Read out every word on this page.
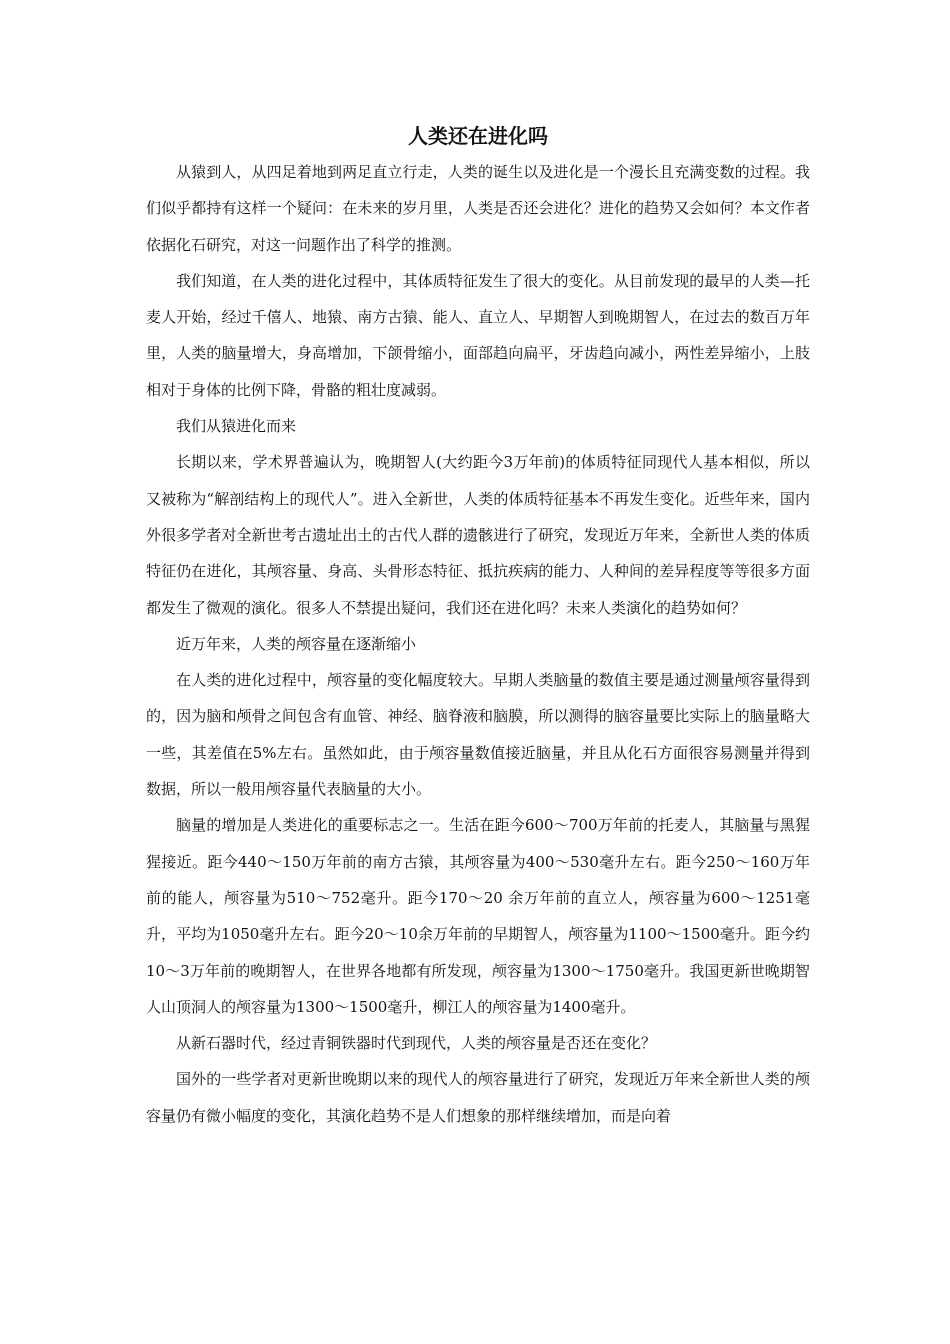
人类还在进化吗

从猿到人，从四足着地到两足直立行走，人类的诞生以及进化是一个漫长且充满变数的过程。我们似乎都持有这样一个疑问：在未来的岁月里，人类是否还会进化？进化的趋势又会如何？本文作者依据化石研究，对这一问题作出了科学的推测。

我们知道，在人类的进化过程中，其体质特征发生了很大的变化。从目前发现的最早的人类—托麦人开始，经过千僖人、地猿、南方古猿、能人、直立人、早期智人到晚期智人，在过去的数百万年里，人类的脑量增大，身高增加，下颌骨缩小，面部趋向扁平，牙齿趋向减小，两性差异缩小，上肢相对于身体的比例下降，骨骼的粗壮度减弱。

我们从猿进化而来

长期以来，学术界普遍认为，晚期智人(大约距今3万年前)的体质特征同现代人基本相似，所以又被称为“解剖结构上的现代人”。进入全新世，人类的体质特征基本不再发生变化。近些年来，国内外很多学者对全新世考古遗址出土的古代人群的遗骸进行了研究，发现近万年来，全新世人类的体质特征仍在进化，其颅容量、身高、头骨形态特征、抵抗疾病的能力、人种间的差异程度等等很多方面都发生了微观的演化。很多人不禁提出疑问，我们还在进化吗？未来人类演化的趋势如何？

近万年来，人类的颅容量在逐渐缩小

在人类的进化过程中，颅容量的变化幅度较大。早期人类脑量的数值主要是通过测量颅容量得到的，因为脑和颅骨之间包含有血管、神经、脑脊液和脑膜，所以测得的脑容量要比实际上的脑量略大一些，其差值在5%左右。虽然如此，由于颅容量数值接近脑量，并且从化石方面很容易测量并得到数据，所以一般用颅容量代表脑量的大小。

脑量的增加是人类进化的重要标志之一。生活在距今600～700万年前的托麦人，其脑量与黑猩猩接近。距今440～150万年前的南方古猿，其颅容量为400～530毫升左右。距今250～160万年前的能人，颅容量为510～752毫升。距今170～20 余万年前的直立人，颅容量为600～1251毫升，平均为1050毫升左右。距今20～10余万年前的早期智人，颅容量为1100～1500毫升。距今约10～3万年前的晚期智人，在世界各地都有所发现，颅容量为1300～1750毫升。我国更新世晚期智人山顶洞人的颅容量为1300～1500毫升，柳江人的颅容量为1400毫升。

从新石器时代，经过青铜铁器时代到现代，人类的颅容量是否还在变化？

国外的一些学者对更新世晚期以来的现代人的颅容量进行了研究，发现近万年来全新世人类的颅容量仍有微小幅度的变化，其演化趋势不是人们想象的那样继续增加，而是向着
